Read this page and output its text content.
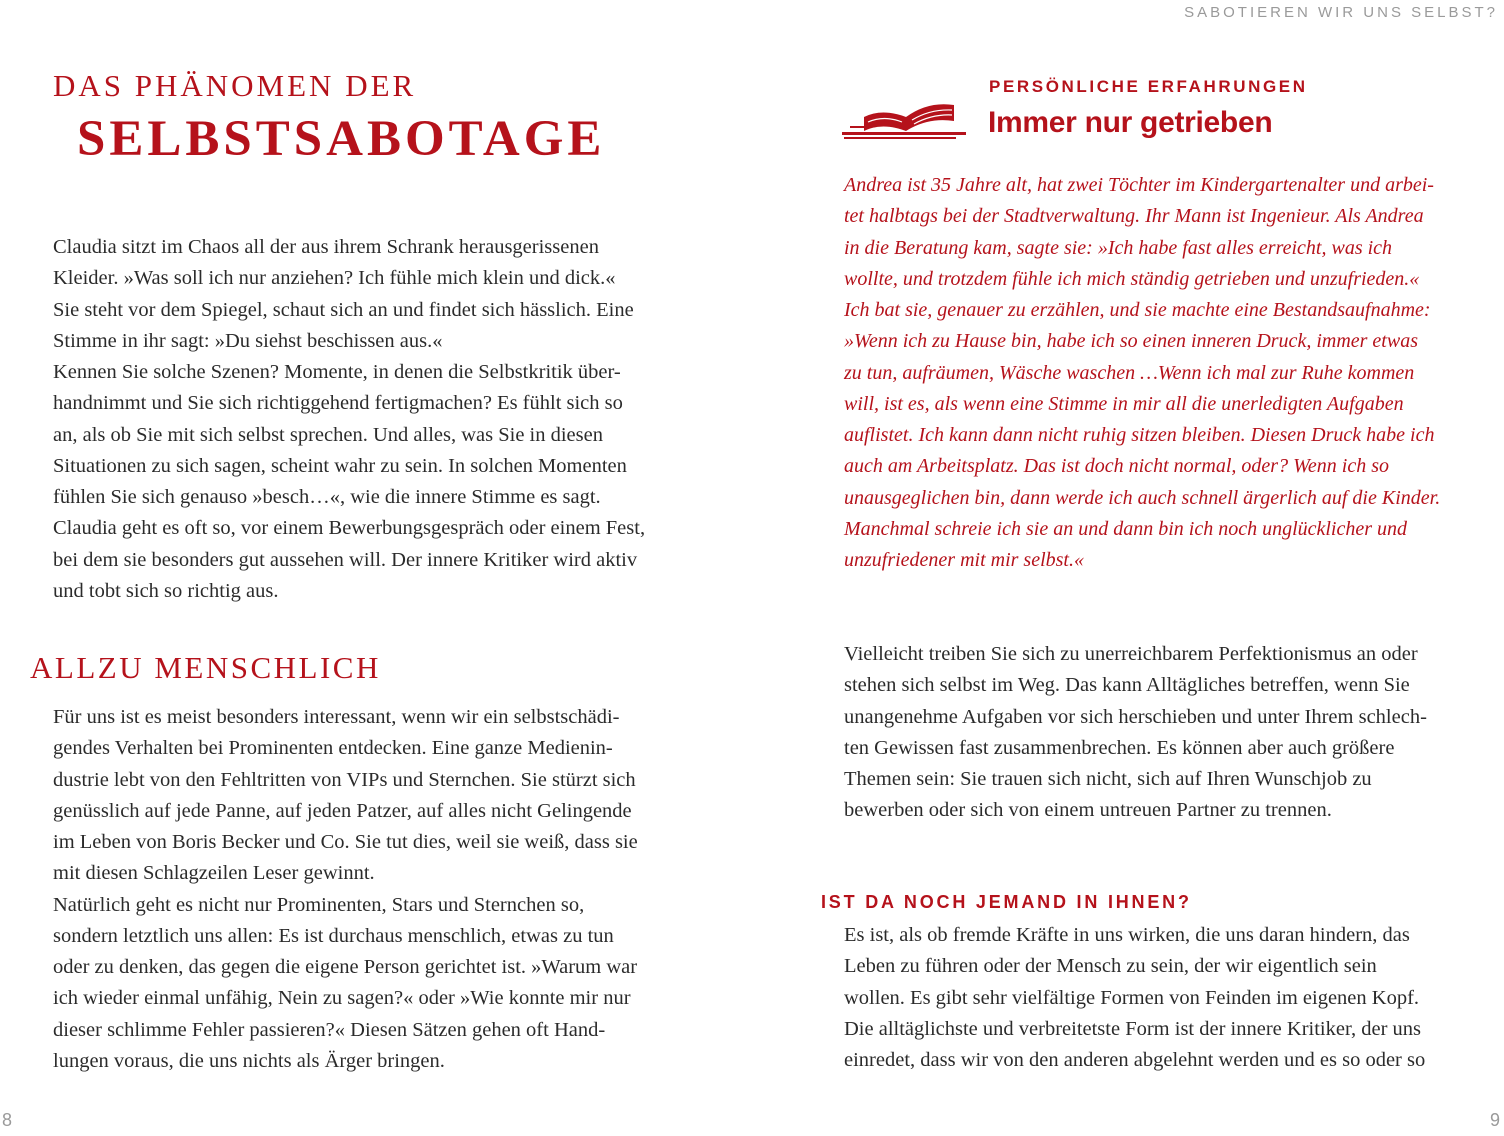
SABOTIEREN WIR UNS SELBST?
DAS PHÄNOMEN DER
SELBSTSABOTAGE
Claudia sitzt im Chaos all der aus ihrem Schrank herausgerissenen
Kleider. »Was soll ich nur anziehen? Ich fühle mich klein und dick.«
Sie steht vor dem Spiegel, schaut sich an und findet sich hässlich. Eine
Stimme in ihr sagt: »Du siehst beschissen aus.«
Kennen Sie solche Szenen? Momente, in denen die Selbstkritik über-
handnimmt und Sie sich richtiggehend fertigmachen? Es fühlt sich so
an, als ob Sie mit sich selbst sprechen. Und alles, was Sie in diesen
Situationen zu sich sagen, scheint wahr zu sein. In solchen Momenten
fühlen Sie sich genauso »besch…«, wie die innere Stimme es sagt.
Claudia geht es oft so, vor einem Bewerbungsgespräch oder einem Fest,
bei dem sie besonders gut aussehen will. Der innere Kritiker wird aktiv
und tobt sich so richtig aus.
ALLZU MENSCHLICH
Für uns ist es meist besonders interessant, wenn wir ein selbstschädi-
gendes Verhalten bei Prominenten entdecken. Eine ganze Medienin-
dustrie lebt von den Fehltritten von VIPs und Sternchen. Sie stürzt sich
genüsslich auf jede Panne, auf jeden Patzer, auf alles nicht Gelingende
im Leben von Boris Becker und Co. Sie tut dies, weil sie weiß, dass sie
mit diesen Schlagzeilen Leser gewinnt.
Natürlich geht es nicht nur Prominenten, Stars und Sternchen so,
sondern letztlich uns allen: Es ist durchaus menschlich, etwas zu tun
oder zu denken, das gegen die eigene Person gerichtet ist. »Warum war
ich wieder einmal unfähig, Nein zu sagen?« oder »Wie konnte mir nur
dieser schlimme Fehler passieren?« Diesen Sätzen gehen oft Hand-
lungen voraus, die uns nichts als Ärger bringen.
PERSÖNLICHE ERFAHRUNGEN
Immer nur getrieben
Andrea ist 35 Jahre alt, hat zwei Töchter im Kindergartenalter und arbei-
tet halbtags bei der Stadtverwaltung. Ihr Mann ist Ingenieur. Als Andrea
in die Beratung kam, sagte sie: »Ich habe fast alles erreicht, was ich
wollte, und trotzdem fühle ich mich ständig getrieben und unzufrieden.«
Ich bat sie, genauer zu erzählen, und sie machte eine Bestandsaufnahme:
»Wenn ich zu Hause bin, habe ich so einen inneren Druck, immer etwas
zu tun, aufräumen, Wäsche waschen …Wenn ich mal zur Ruhe kommen
will, ist es, als wenn eine Stimme in mir all die unerledigten Aufgaben
auflistet. Ich kann dann nicht ruhig sitzen bleiben. Diesen Druck habe ich
auch am Arbeitsplatz. Das ist doch nicht normal, oder? Wenn ich so
unausgeglichen bin, dann werde ich auch schnell ärgerlich auf die Kinder.
Manchmal schreie ich sie an und dann bin ich noch unglücklicher und
unzufriedener mit mir selbst.«
Vielleicht treiben Sie sich zu unerreichbarem Perfektionismus an oder
stehen sich selbst im Weg. Das kann Alltägliches betreffen, wenn Sie
unangenehme Aufgaben vor sich herschieben und unter Ihrem schlech-
ten Gewissen fast zusammenbrechen. Es können aber auch größere
Themen sein: Sie trauen sich nicht, sich auf Ihren Wunschjob zu
bewerben oder sich von einem untreuen Partner zu trennen.
IST DA NOCH JEMAND IN IHNEN?
Es ist, als ob fremde Kräfte in uns wirken, die uns daran hindern, das
Leben zu führen oder der Mensch zu sein, der wir eigentlich sein
wollen. Es gibt sehr vielfältige Formen von Feinden im eigenen Kopf.
Die alltäglichste und verbreitetste Form ist der innere Kritiker, der uns
einredet, dass wir von den anderen abgelehnt werden und es so oder so
8	9
